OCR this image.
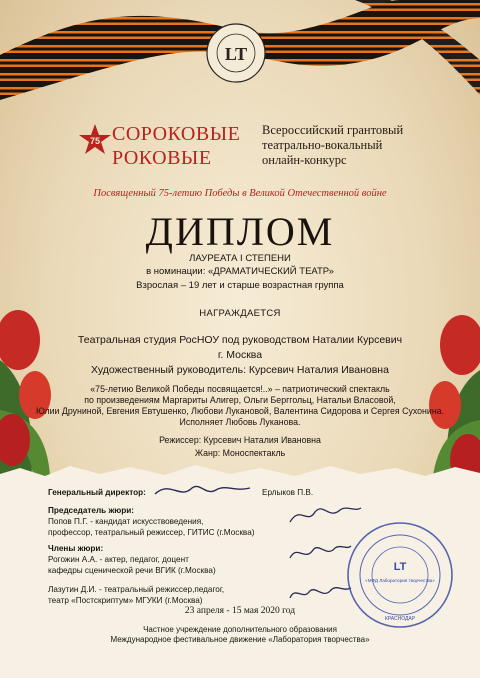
LT
75 СОРОКОВЫЕ
РОКОВЫЕ
Всероссийский грантовый
театрально-вокальный
онлайн-конкурс
Посвященный 75-летию Победы в Великой Отечественной войне
ДИПЛОМ
ЛАУРЕАТА I СТЕПЕНИ
в номинации: «ДРАМАТИЧЕСКИЙ ТЕАТР»
Взрослая – 19 лет и старше возрастная группа
НАГРАЖДАЕТСЯ
Театральная студия РосНОУ под руководством Наталии Курсевич
г. Москва
Художественный руководитель: Курсевич Наталия Ивановна
«75-летию Великой Победы посвящается!..» – патриотический спектакль
по произведениям Маргариты Алигер, Ольги Берггольц, Натальи Власовой,
Юлии Друниной, Евгения Евтушенко, Любови Лукановой, Валентина Сидорова и Сергея Сухонина.
Исполняет Любовь Луканова.
Режиссер: Курсевич Наталия Ивановна
Жанр: Моноспектакль
Генеральный директор:	Ерлыков П.В.
Председатель жюри:
Попов П.Г. - кандидат искусствоведения,
профессор, театральный режиссер, ГИТИС (г.Москва)
Члены жюри:
Рогожин А.А. - актер, педагог, доцент
кафедры сценической речи ВГИК (г.Москва)
Лазутин Д.И. - театральный режиссер,педагог,
театр «Постскриптум» МГУКИ (г.Москва)
LT
«МФД Лаборатория творчества»
КРАСНОДАР
23 апреля - 15 мая 2020 год
Частное учреждение дополнительного образования
Международное фестивальное движение «Лаборатория творчества»
